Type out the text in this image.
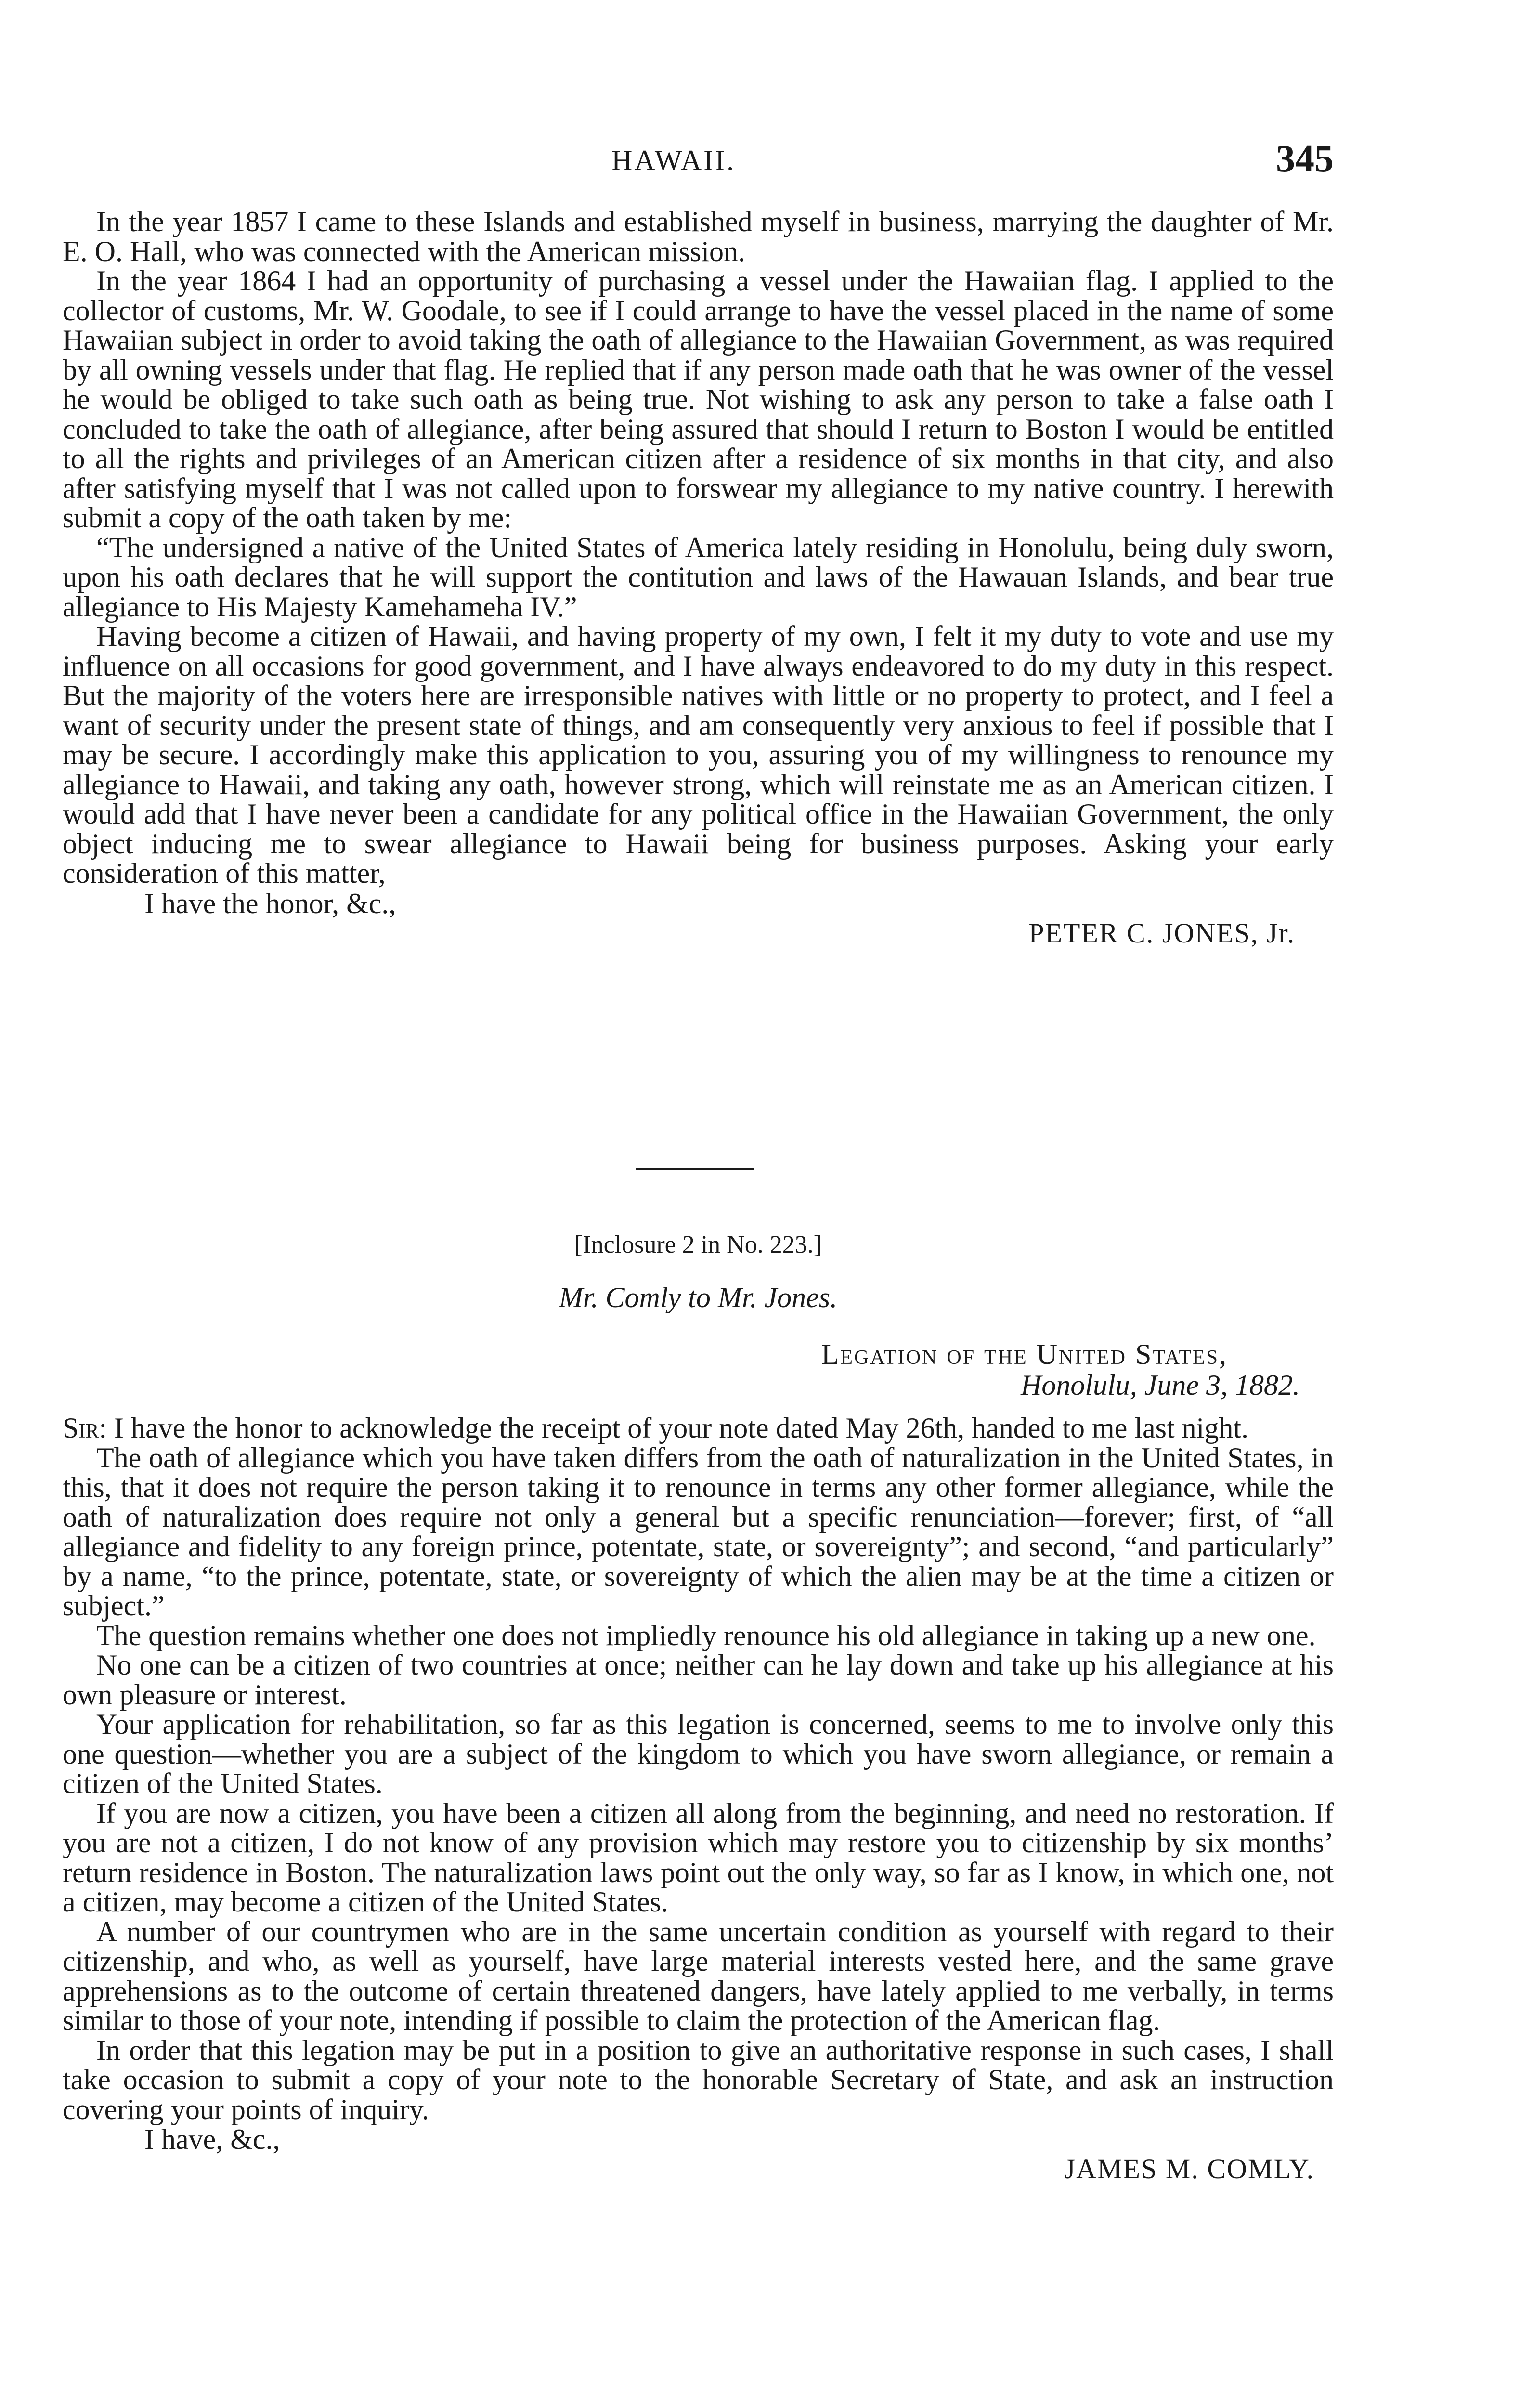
HAWAII.	345

In the year 1857 I came to these Islands and established myself in business, marrying the daughter of Mr. E. O. Hall, who was connected with the American mission.

In the year 1864 I had an opportunity of purchasing a vessel under the Hawaiian flag. I applied to the collector of customs, Mr. W. Goodale, to see if I could arrange to have the vessel placed in the name of some Hawaiian subject in order to avoid taking the oath of allegiance to the Hawaiian Government, as was required by all owning vessels under that flag. He replied that if any person made oath that he was owner of the vessel he would be obliged to take such oath as being true. Not wishing to ask any person to take a false oath I concluded to take the oath of allegiance, after being assured that should I return to Boston I would be entitled to all the rights and privileges of an American citizen after a residence of six months in that city, and also after satisfying myself that I was not called upon to forswear my allegiance to my native country. I herewith submit a copy of the oath taken by me:

“The undersigned a native of the United States of America lately residing in Honolulu, being duly sworn, upon his oath declares that he will support the contitution and laws of the Hawauan Islands, and bear true allegiance to His Majesty Kamehameha IV.”

Having become a citizen of Hawaii, and having property of my own, I felt it my duty to vote and use my influence on all occasions for good government, and I have always endeavored to do my duty in this respect. But the majority of the voters here are irresponsible natives with little or no property to protect, and I feel a want of security under the present state of things, and am consequently very anxious to feel if possible that I may be secure. I accordingly make this application to you, assuring you of my willingness to renounce my allegiance to Hawaii, and taking any oath, however strong, which will reinstate me as an American citizen. I would add that I have never been a candidate for any political office in the Hawaiian Government, the only object inducing me to swear allegiance to Hawaii being for business purposes. Asking your early consideration of this matter,

I have the honor, &c.,

PETER C. JONES, Jr.

[Inclosure 2 in No. 223.]
Mr. Comly to Mr. Jones.
Legation of the United States,
Honolulu, June 3, 1882.

Sir: I have the honor to acknowledge the receipt of your note dated May 26th, handed to me last night.

The oath of allegiance which you have taken differs from the oath of naturalization in the United States, in this, that it does not require the person taking it to renounce in terms any other former allegiance, while the oath of naturalization does require not only a general but a specific renunciation—forever; first, of “all allegiance and fidelity to any foreign prince, potentate, state, or sovereignty”; and second, “and particularly” by a name, “to the prince, potentate, state, or sovereignty of which the alien may be at the time a citizen or subject.”

The question remains whether one does not impliedly renounce his old allegiance in taking up a new one.

No one can be a citizen of two countries at once; neither can he lay down and take up his allegiance at his own pleasure or interest.

Your application for rehabilitation, so far as this legation is concerned, seems to me to involve only this one question—whether you are a subject of the kingdom to which you have sworn allegiance, or remain a citizen of the United States.

If you are now a citizen, you have been a citizen all along from the beginning, and need no restoration. If you are not a citizen, I do not know of any provision which may restore you to citizenship by six months’ return residence in Boston. The naturalization laws point out the only way, so far as I know, in which one, not a citizen, may become a citizen of the United States.

A number of our countrymen who are in the same uncertain condition as yourself with regard to their citizenship, and who, as well as yourself, have large material interests vested here, and the same grave apprehensions as to the outcome of certain threatened dangers, have lately applied to me verbally, in terms similar to those of your note, intending if possible to claim the protection of the American flag.

In order that this legation may be put in a position to give an authoritative response in such cases, I shall take occasion to submit a copy of your note to the honorable Secretary of State, and ask an instruction covering your points of inquiry.

I have, &c.,

JAMES M. COMLY.
